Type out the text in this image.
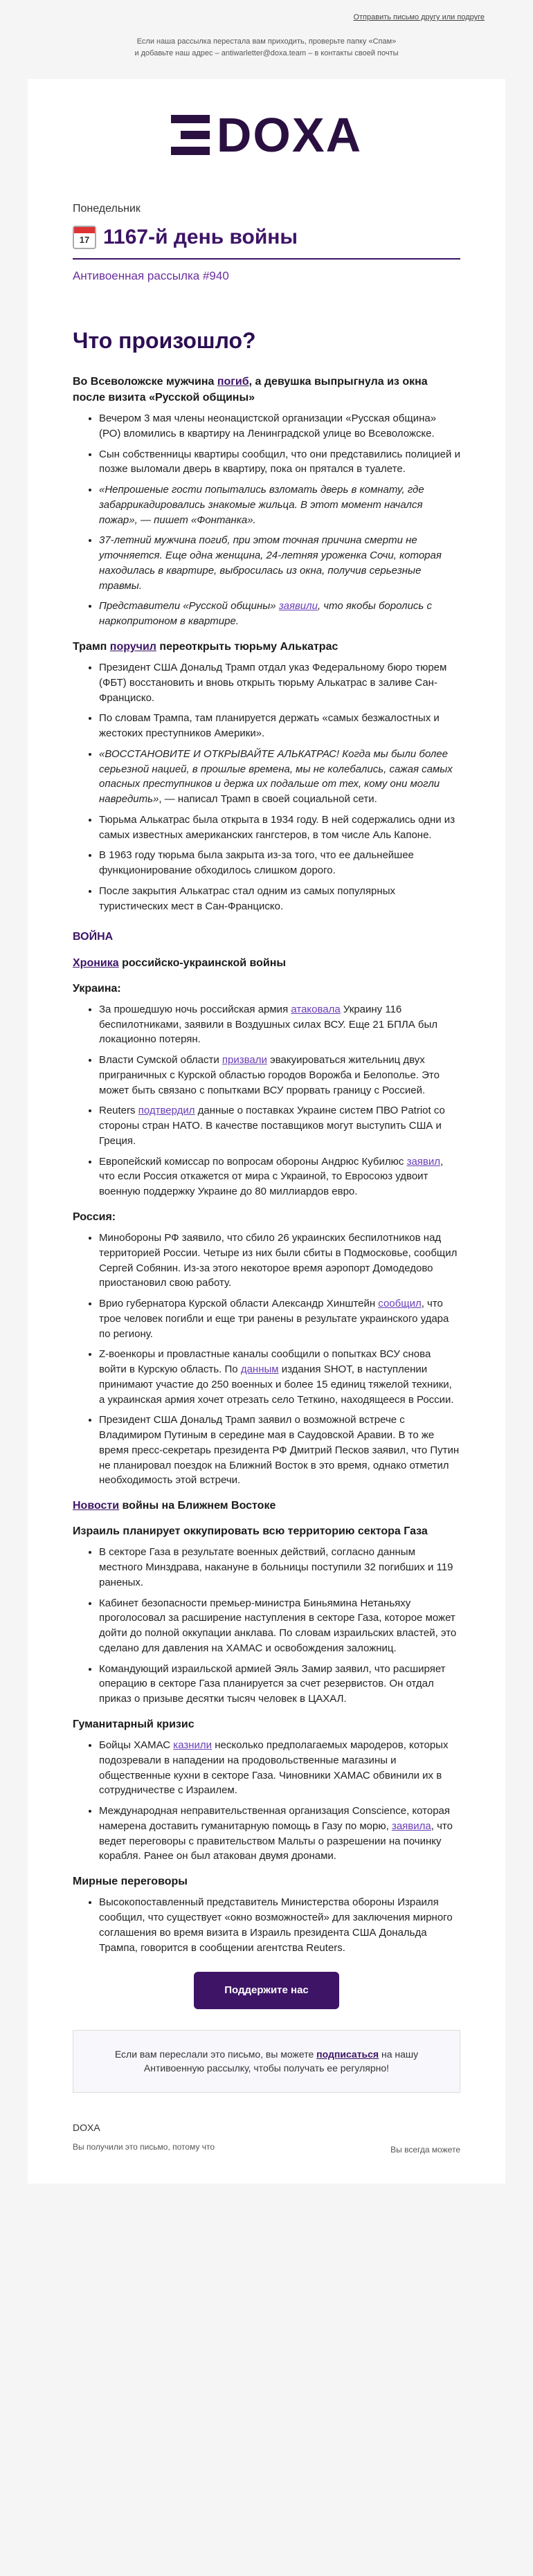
Отправить письмо другу или подруге
Если наша рассылка перестала вам приходить, проверьте папку «Спам»
и добавьте наш адрес – antiwarletter@doxa.team – в контакты своей почты
DOXA
Понедельник
17 1167-й день войны
Антивоенная рассылка #940
Что произошло?
Во Всеволожске мужчина погиб, а девушка выпрыгнула из окна после визита «Русской общины»
• Вечером 3 мая члены неонацистской организации «Русская община» (РО) вломились в квартиру на Ленинградской улице во Всеволожске.
• Сын собственницы квартиры сообщил, что они представились полицией и позже выломали дверь в квартиру, пока он прятался в туалете.
• «Непрошеные гости попытались взломать дверь в комнату, где забаррикадировались знакомые жильца. В этот момент начался пожар», — пишет «Фонтанка».
• 37-летний мужчина погиб, при этом точная причина смерти не уточняется. Еще одна женщина, 24-летняя уроженка Сочи, которая находилась в квартире, выбросилась из окна, получив серьезные травмы.
• Представители «Русской общины» заявили, что якобы боролись с наркопритоном в квартире.
Трамп поручил переоткрыть тюрьму Алькатрас
• Президент США Дональд Трамп отдал указ Федеральному бюро тюрем (ФБТ) восстановить и вновь открыть тюрьму Алькатрас в заливе Сан-Франциско.
• По словам Трампа, там планируется держать «самых безжалостных и жестоких преступников Америки».
• «ВОССТАНОВИТЕ И ОТКРЫВАЙТЕ АЛЬКАТРАС! Когда мы были более серьезной нацией, в прошлые времена, мы не колебались, сажая самых опасных преступников и держа их подальше от тех, кому они могли навредить», — написал Трамп в своей социальной сети.
• Тюрьма Алькатрас была открыта в 1934 году. В ней содержались одни из самых известных американских гангстеров, в том числе Аль Капоне.
• В 1963 году тюрьма была закрыта из-за того, что ее дальнейшее функционирование обходилось слишком дорого.
• После закрытия Алькатрас стал одним из самых популярных туристических мест в Сан-Франциско.
ВОЙНА
Хроника российско-украинской войны
Украина:
• За прошедшую ночь российская армия атаковала Украину 116 беспилотниками, заявили в Воздушных силах ВСУ. Еще 21 БПЛА был локационно потерян.
• Власти Сумской области призвали эвакуироваться жительниц двух приграничных с Курской областью городов Ворожба и Белополье. Это может быть связано с попытками ВСУ прорвать границу с Россией.
• Reuters подтвердил данные о поставках Украине систем ПВО Patriot со стороны стран НАТО. В качестве поставщиков могут выступить США и Греция.
• Европейский комиссар по вопросам обороны Андрюс Кубилюс заявил, что если Россия откажется от мира с Украиной, то Евросоюз удвоит военную поддержку Украине до 80 миллиардов евро.
Россия:
• Минобороны РФ заявило, что сбило 26 украинских беспилотников над территорией России. Четыре из них были сбиты в Подмосковье, сообщил Сергей Собянин. Из-за этого некоторое время аэропорт Домодедово приостановил свою работу.
• Врио губернатора Курской области Александр Хинштейн сообщил, что трое человек погибли и еще три ранены в результате украинского удара по региону.
• Z-военкоры и провластные каналы сообщили о попытках ВСУ снова войти в Курскую область. По данным издания SHOT, в наступлении принимают участие до 250 военных и более 15 единиц тяжелой техники, а украинская армия хочет отрезать село Теткино, находящееся в России.
• Президент США Дональд Трамп заявил о возможной встрече с Владимиром Путиным в середине мая в Саудовской Аравии. В то же время пресс-секретарь президента РФ Дмитрий Песков заявил, что Путин не планировал поездок на Ближний Восток в это время, однако отметил необходимость этой встречи.
Новости войны на Ближнем Востоке
Израиль планирует оккупировать всю территорию сектора Газа
• В секторе Газа в результате военных действий, согласно данным местного Минздрава, накануне в больницы поступили 32 погибших и 119 раненых.
• Кабинет безопасности премьер-министра Биньямина Нетаньяху проголосовал за расширение наступления в секторе Газа, которое может дойти до полной оккупации анклава. По словам израильских властей, это сделано для давления на ХАМАС и освобождения заложниц.
• Командующий израильской армией Эяль Замир заявил, что расширяет операцию в секторе Газа планируется за счет резервистов. Он отдал приказ о призыве десятки тысяч человек в ЦАХАЛ.
Гуманитарный кризис
• Бойцы ХАМАС казнили несколько предполагаемых мародеров, которых подозревали в нападении на продовольственные магазины и общественные кухни в секторе Газа. Чиновники ХАМАС обвинили их в сотрудничестве с Израилем.
• Международная неправительственная организация Conscience, которая намерена доставить гуманитарную помощь в Газу по морю, заявила, что ведет переговоры с правительством Мальты о разрешении на починку корабля. Ранее он был атакован двумя дронами.
Мирные переговоры
• Высокопоставленный представитель Министерства обороны Израиля сообщил, что существует «окно возможностей» для заключения мирного соглашения во время визита в Израиль президента США Дональда Трампа, говорится в сообщении агентства Reuters.
Поддержите нас
Если вам переслали это письмо, вы можете подписаться на нашу Антивоенную рассылку, чтобы получать ее регулярно!
DOXA
Вы получили это письмо, потому что	Вы всегда можете
